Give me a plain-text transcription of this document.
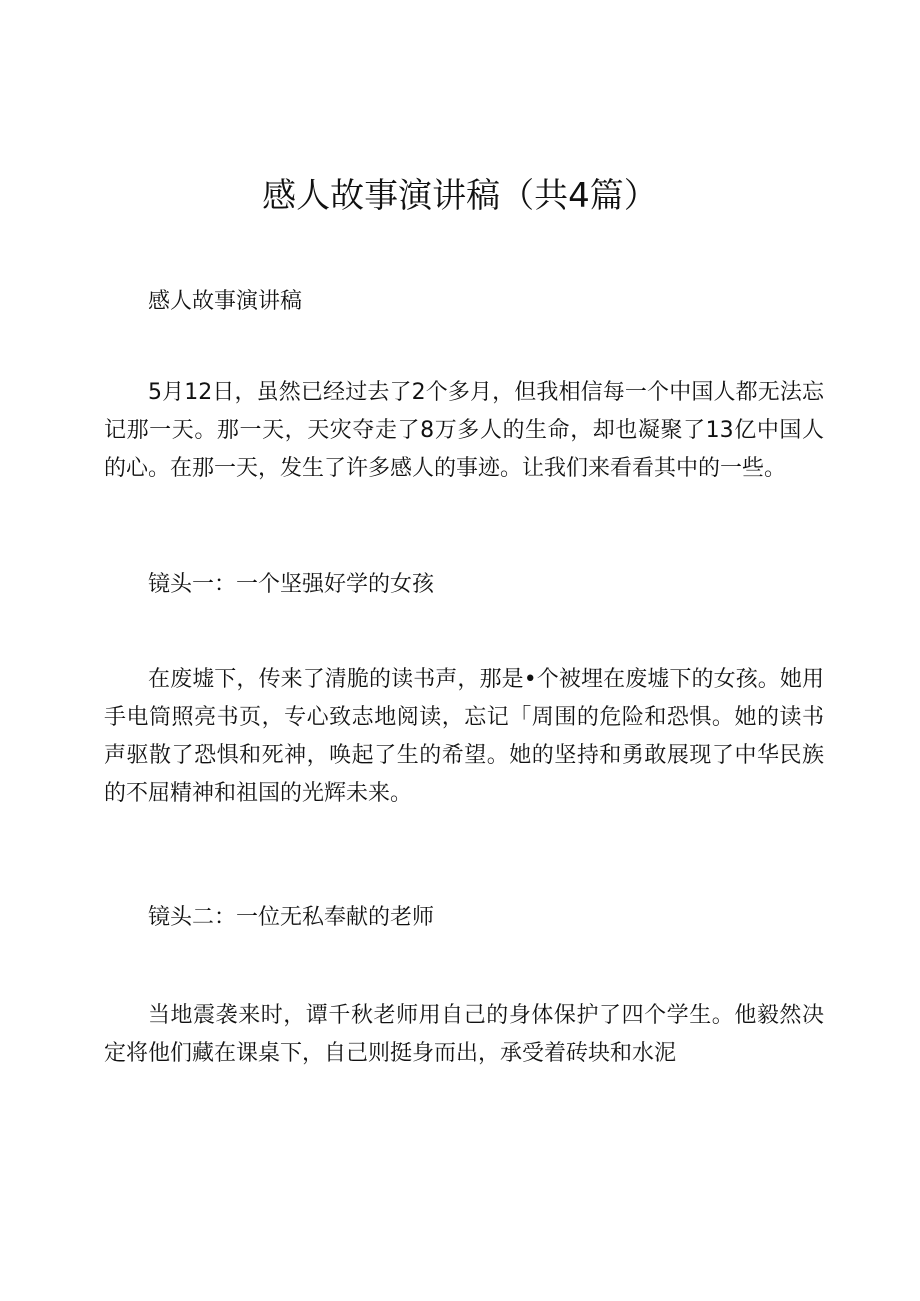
感人故事演讲稿（共4篇）

感人故事演讲稿

5月12日，虽然已经过去了2个多月，但我相信每一个中国人都无法忘记那一天。那一天，天灾夺走了8万多人的生命，却也凝聚了13亿中国人的心。在那一天，发生了许多感人的事迹。让我们来看看其中的一些。

镜头一：一个坚强好学的女孩

在废墟下，传来了清脆的读书声，那是•个被埋在废墟下的女孩。她用手电筒照亮书页，专心致志地阅读，忘记「周围的危险和恐惧。她的读书声驱散了恐惧和死神，唤起了生的希望。她的坚持和勇敢展现了中华民族的不屈精神和祖国的光辉未来。

镜头二：一位无私奉献的老师

当地震袭来时，谭千秋老师用自己的身体保护了四个学生。他毅然决定将他们藏在课桌下，自己则挺身而出，承受着砖块和水泥
